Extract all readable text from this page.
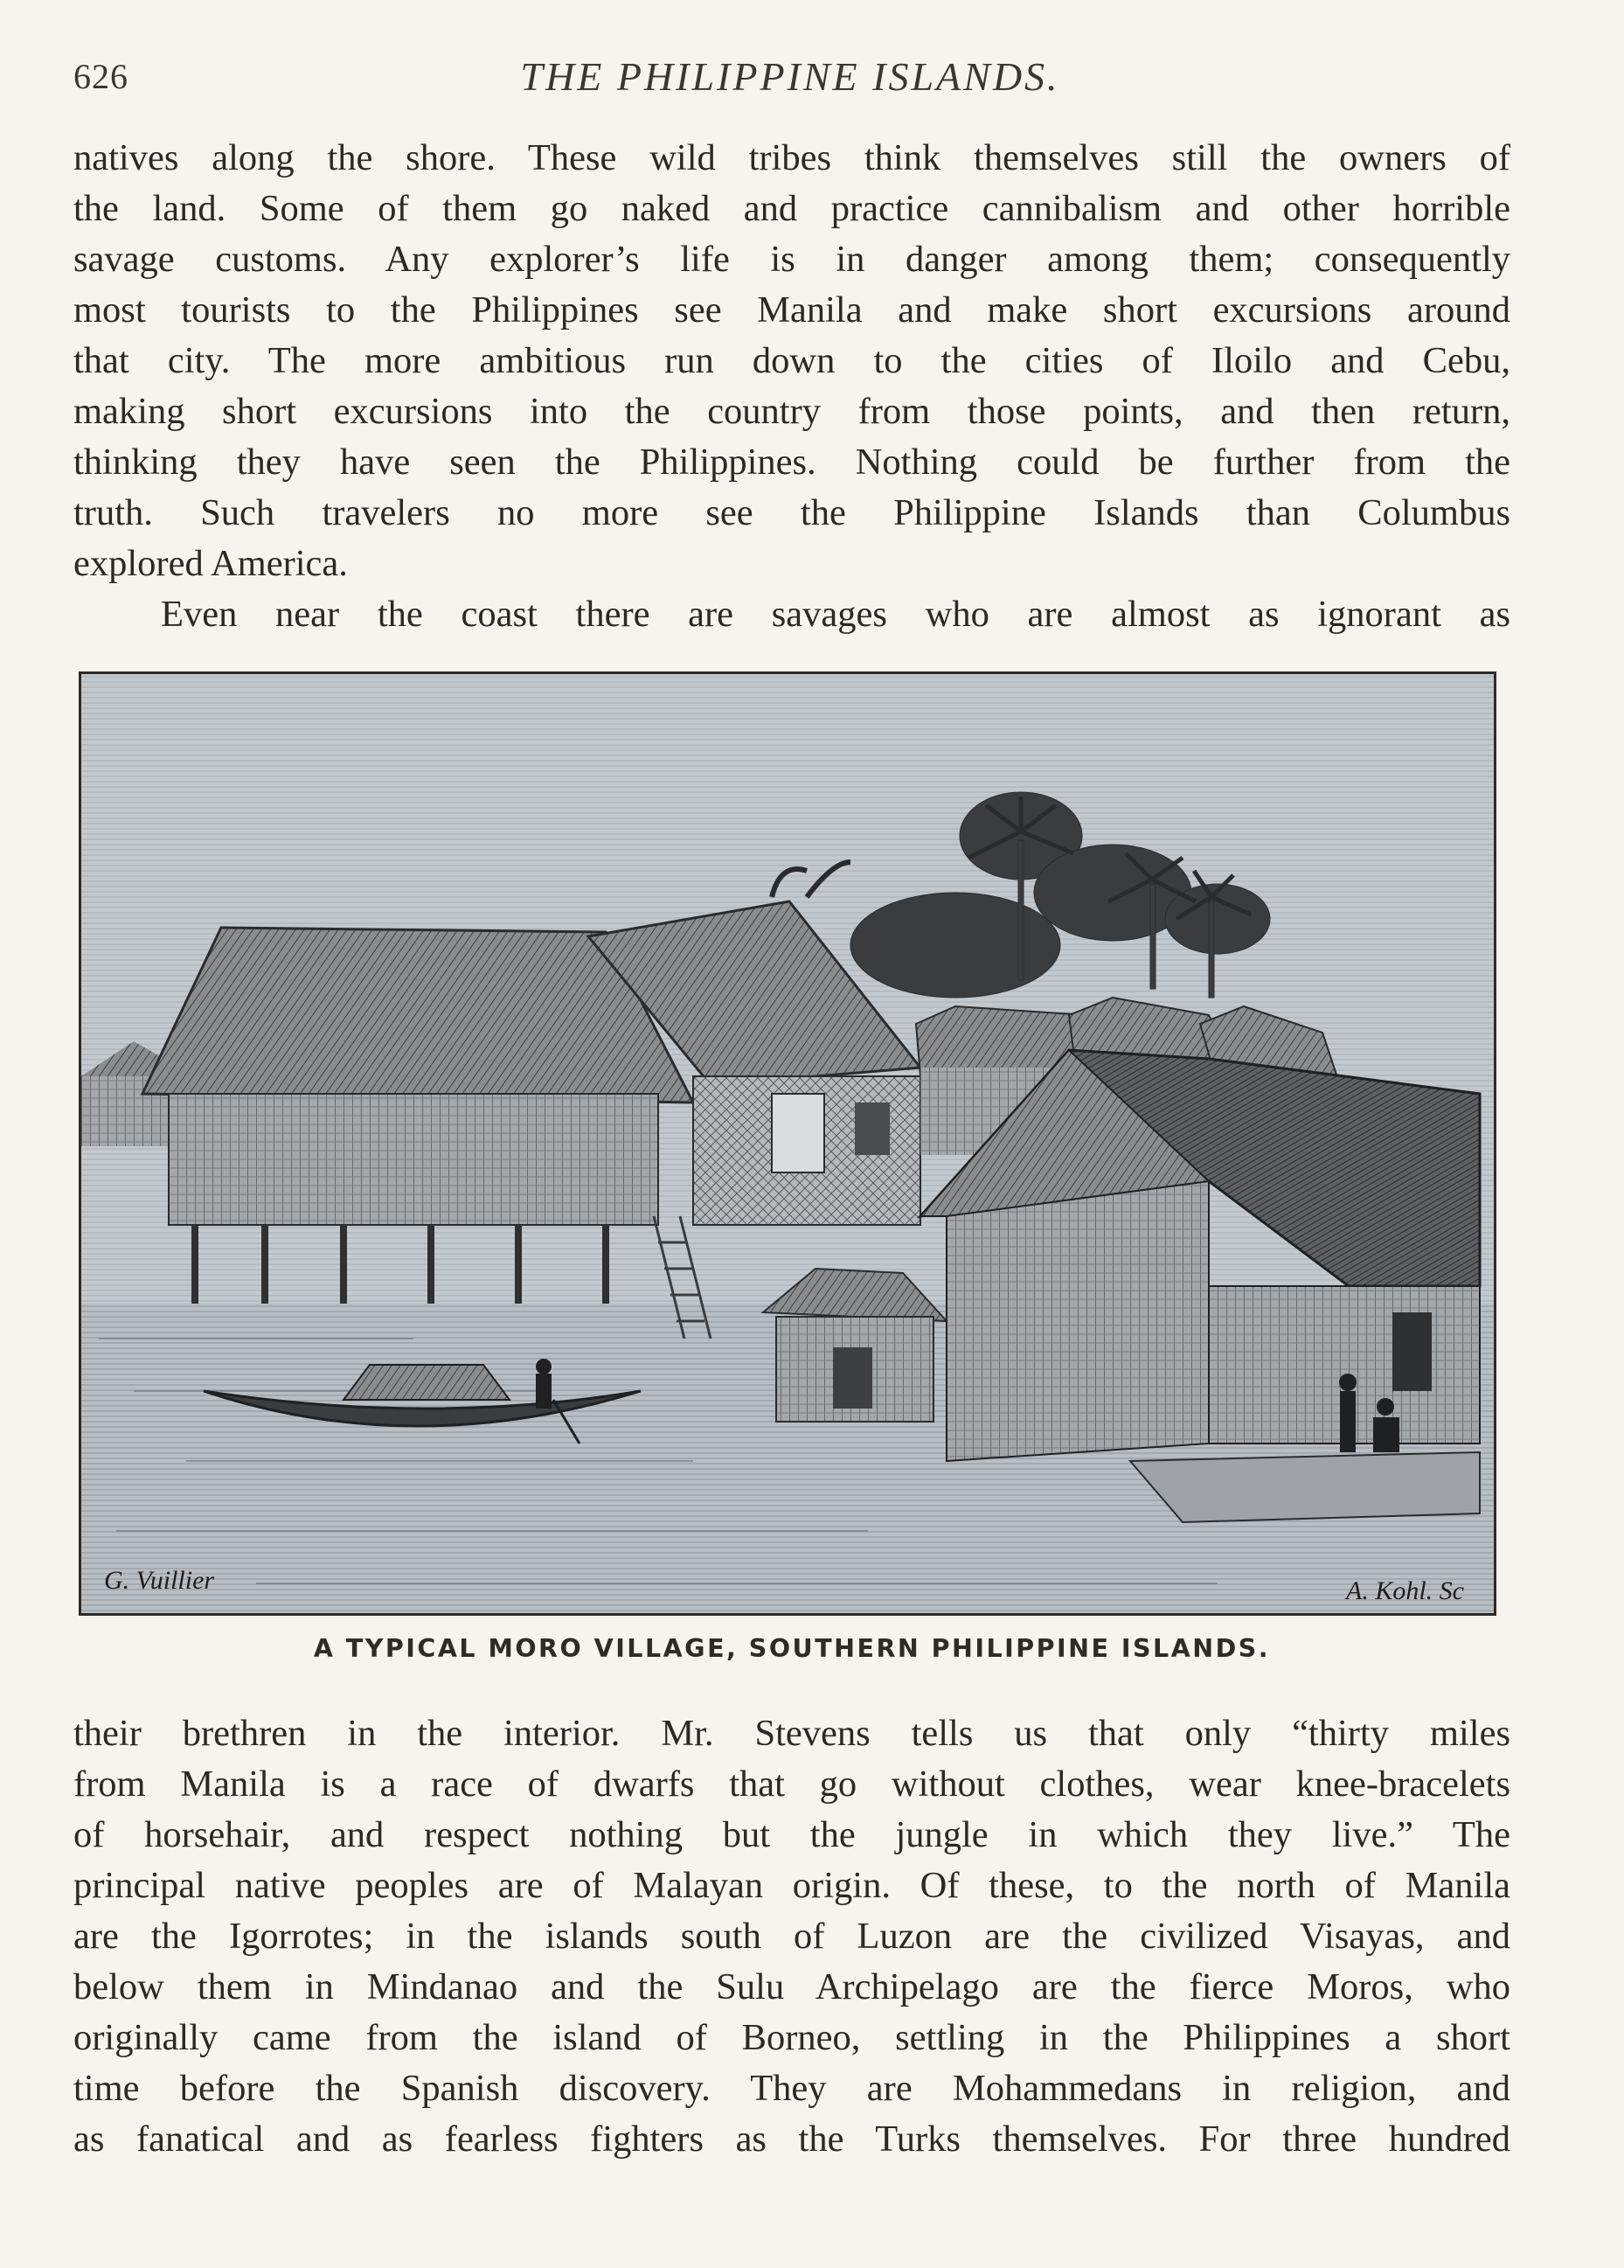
626	THE PHILIPPINE ISLANDS.
natives along the shore. These wild tribes think themselves still the owners of
the land. Some of them go naked and practice cannibalism and other horrible
savage customs. Any explorer’s life is in danger among them; consequently
most tourists to the Philippines see Manila and make short excursions around
that city. The more ambitious run down to the cities of Iloilo and Cebu,
making short excursions into the country from those points, and then return,
thinking they have seen the Philippines. Nothing could be further from the
truth. Such travelers no more see the Philippine Islands than Columbus
explored America.
Even near the coast there are savages who are almost as ignorant as
G. Vuillier	A. Kohl. Sc
A TYPICAL MORO VILLAGE, SOUTHERN PHILIPPINE ISLANDS.
their brethren in the interior. Mr. Stevens tells us that only “thirty miles
from Manila is a race of dwarfs that go without clothes, wear knee-bracelets
of horsehair, and respect nothing but the jungle in which they live.” The
principal native peoples are of Malayan origin. Of these, to the north of Manila
are the Igorrotes; in the islands south of Luzon are the civilized Visayas, and
below them in Mindanao and the Sulu Archipelago are the fierce Moros, who
originally came from the island of Borneo, settling in the Philippines a short
time before the Spanish discovery. They are Mohammedans in religion, and
as fanatical and as fearless fighters as the Turks themselves. For three hundred
